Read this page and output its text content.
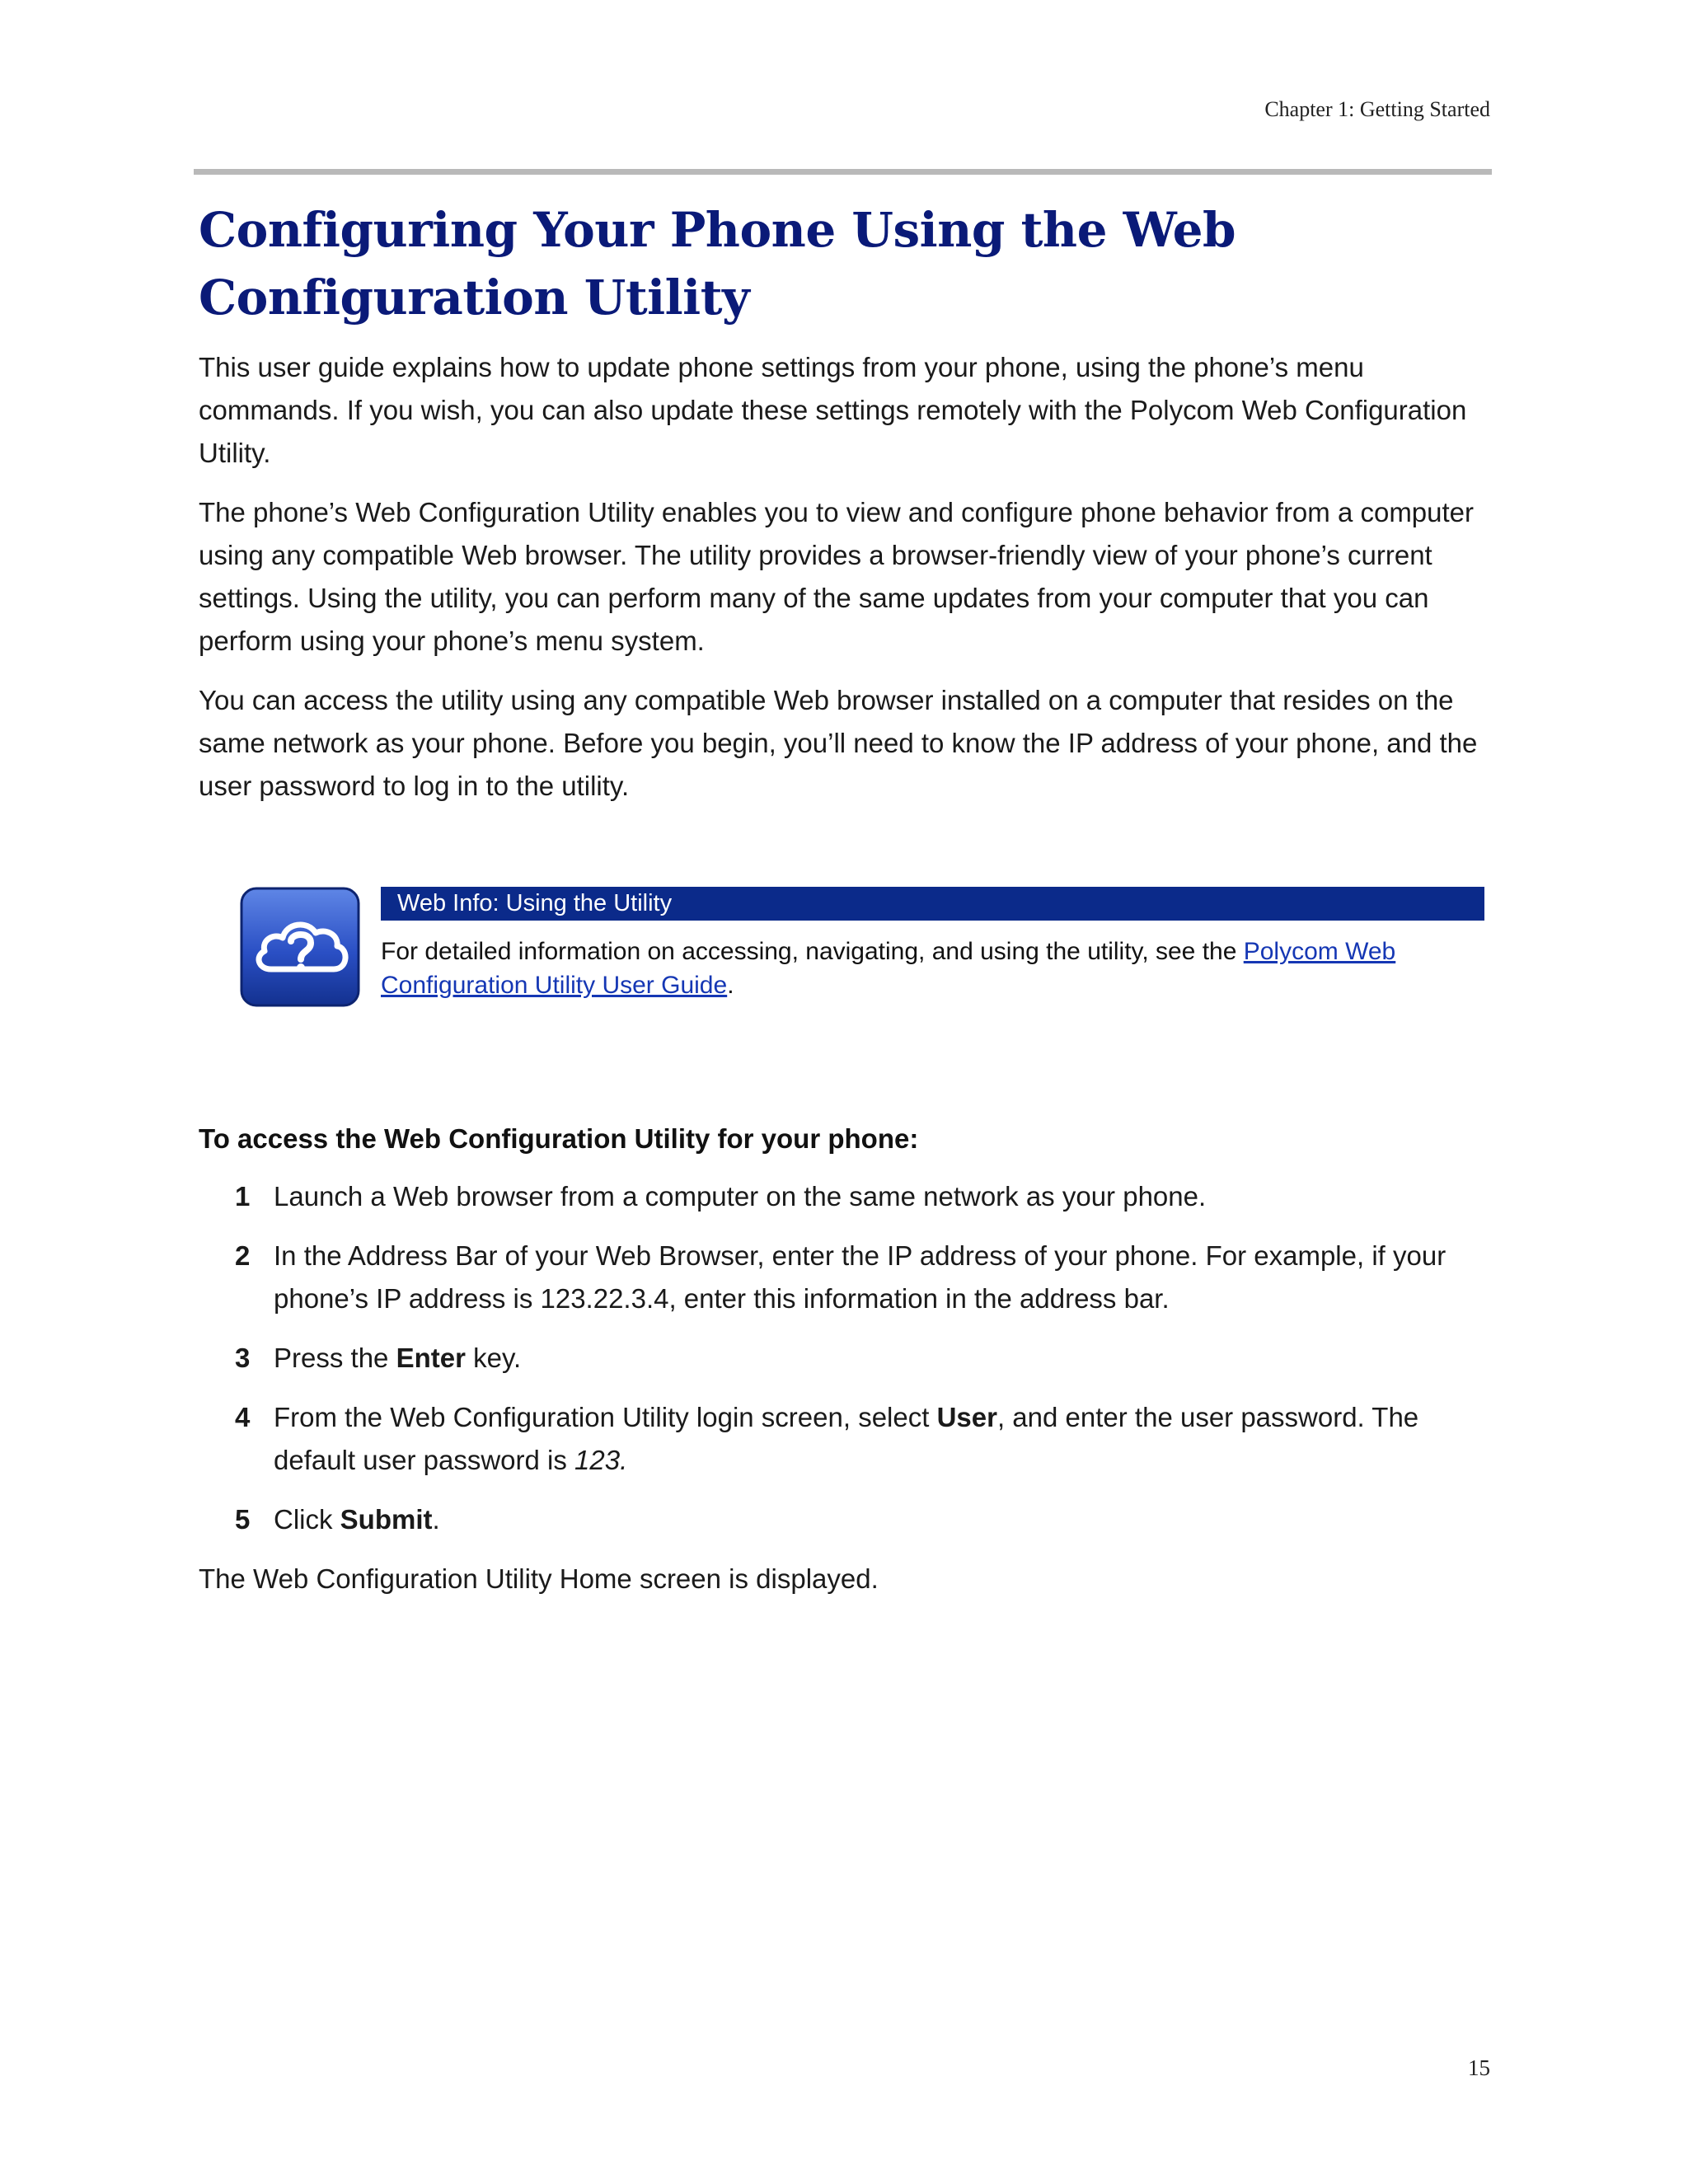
Chapter 1: Getting Started
Configuring Your Phone Using the Web Configuration Utility

This user guide explains how to update phone settings from your phone, using the phone’s menu commands. If you wish, you can also update these settings remotely with the Polycom Web Configuration Utility.

The phone’s Web Configuration Utility enables you to view and configure phone behavior from a computer using any compatible Web browser. The utility provides a browser-friendly view of your phone’s current settings. Using the utility, you can perform many of the same updates from your computer that you can perform using your phone’s menu system.

You can access the utility using any compatible Web browser installed on a computer that resides on the same network as your phone. Before you begin, you’ll need to know the IP address of your phone, and the user password to log in to the utility.

Web Info: Using the Utility
For detailed information on accessing, navigating, and using the utility, see the Polycom Web Configuration Utility User Guide.

To access the Web Configuration Utility for your phone:

1 Launch a Web browser from a computer on the same network as your phone.
2 In the Address Bar of your Web Browser, enter the IP address of your phone. For example, if your phone’s IP address is 123.22.3.4, enter this information in the address bar.
3 Press the Enter key.
4 From the Web Configuration Utility login screen, select User, and enter the user password. The default user password is 123.
5 Click Submit.

The Web Configuration Utility Home screen is displayed.

15
